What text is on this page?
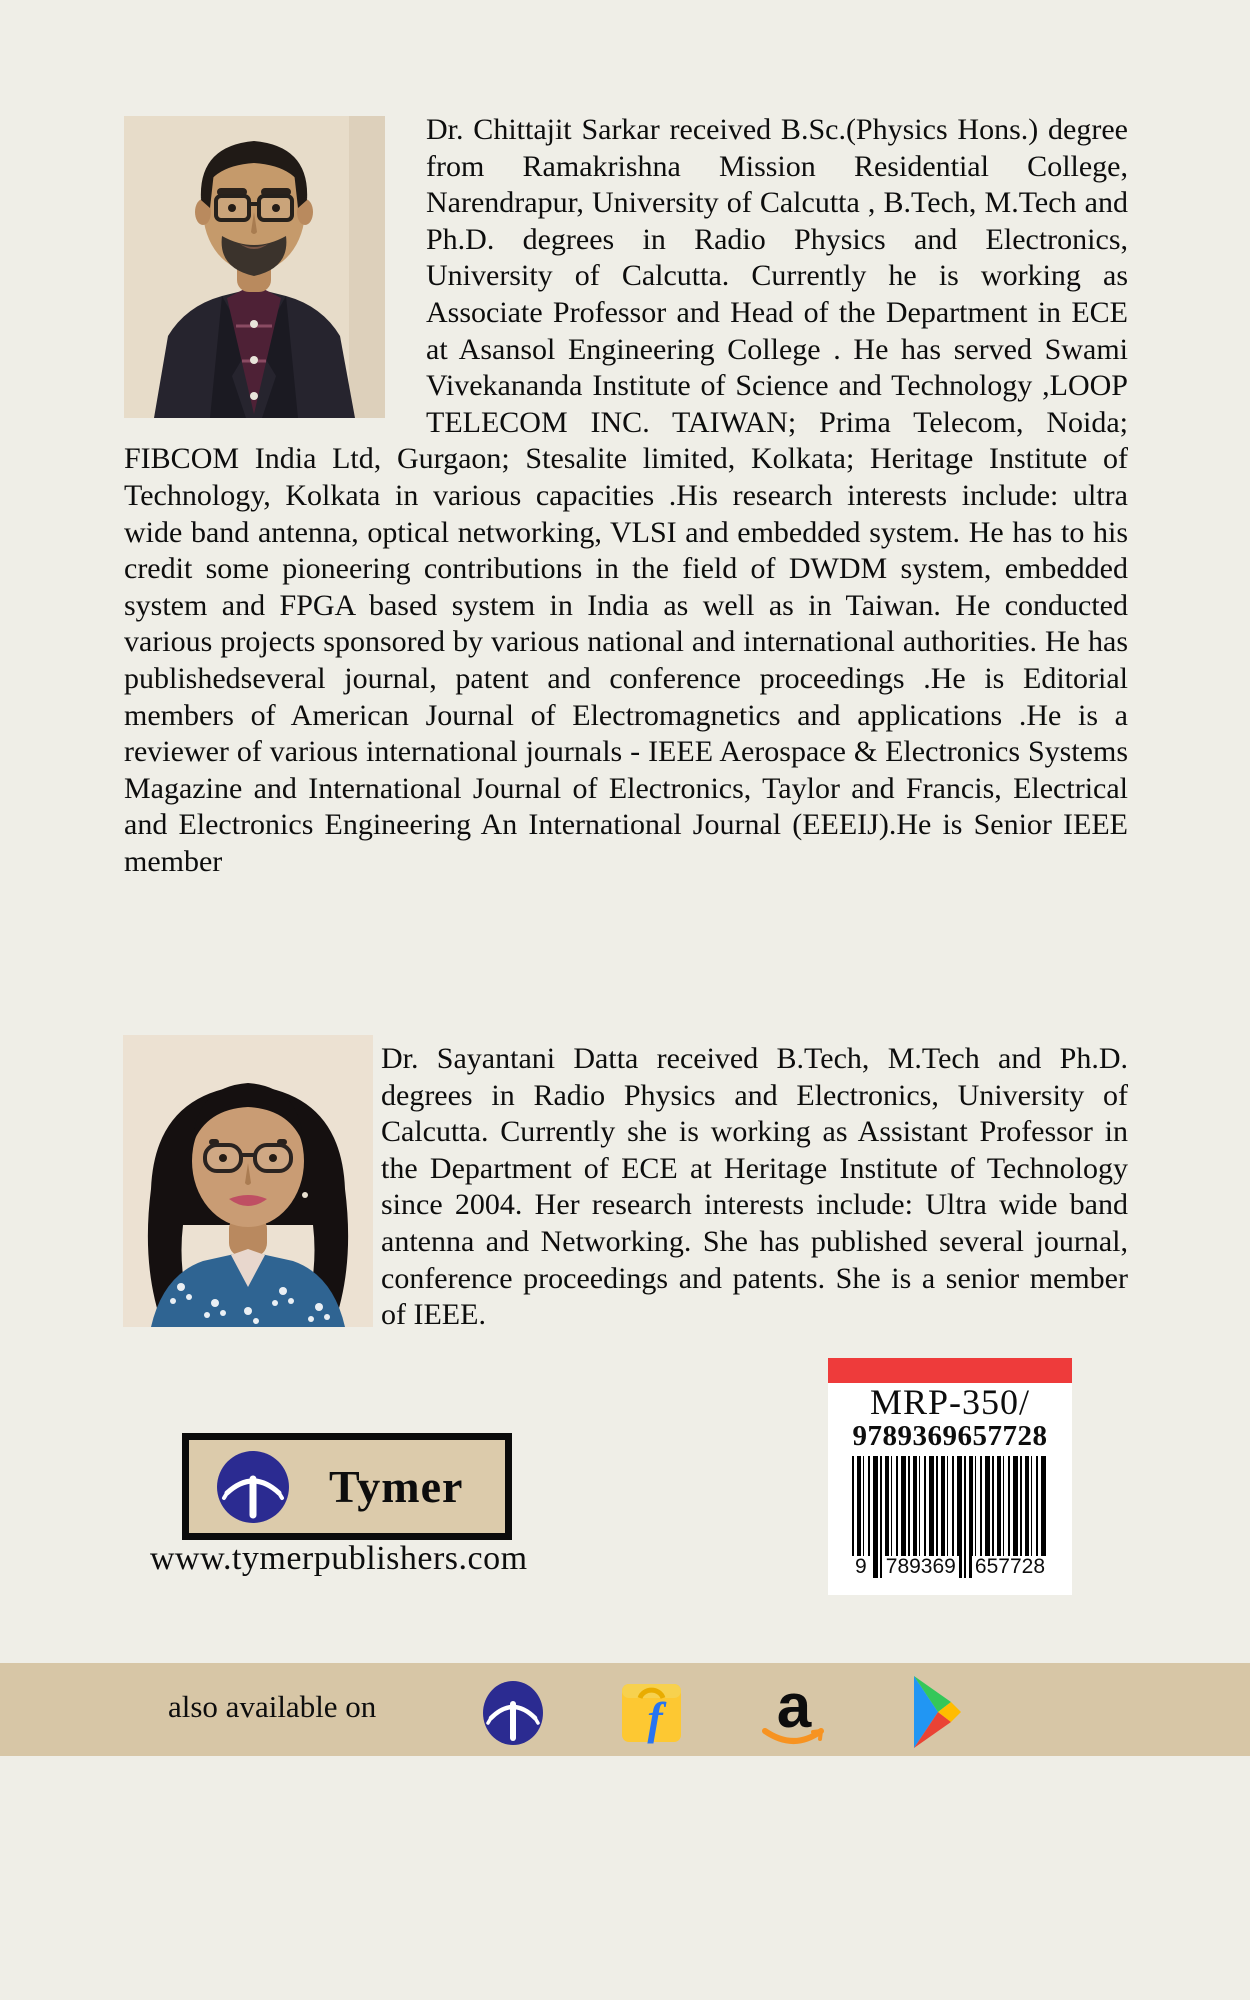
Dr. Chittajit Sarkar received B.Sc.(Physics Hons.) degree from Ramakrishna Mission Residential College, Narendrapur, University of Calcutta , B.Tech, M.Tech and Ph.D. degrees in Radio Physics and Electronics, University of Calcutta. Currently he is working as Associate Professor and Head of the Department in ECE at Asansol Engineering College . He has served Swami Vivekananda Institute of Science and Technology ,LOOP TELECOM INC. TAIWAN; Prima Telecom, Noida; FIBCOM India Ltd, Gurgaon; Stesalite limited, Kolkata; Heritage Institute of Technology, Kolkata in various capacities .His research interests include: ultra wide band antenna, optical networking, VLSI and embedded system. He has to his credit some pioneering contributions in the field of DWDM system, embedded system and FPGA based system in India as well as in Taiwan. He conducted various projects sponsored by various national and international authorities. He has publishedseveral journal, patent and conference proceedings .He is Editorial members of American Journal of Electromagnetics and applications .He is a reviewer of various international journals - IEEE Aerospace & Electronics Systems Magazine and International Journal of Electronics, Taylor and Francis, Electrical and Electronics Engineering An International Journal (EEEIJ).He is Senior IEEE member

Dr. Sayantani Datta received B.Tech, M.Tech and Ph.D. degrees in Radio Physics and Electronics, University of Calcutta. Currently she is working as Assistant Professor in the Department of ECE at Heritage Institute of Technology since 2004. Her research interests include: Ultra wide band antenna and Networking. She has published several journal, conference proceedings and patents. She is a senior member of IEEE.

MRP-350/
9789369657728
9 789369 657728
Tymer
www.tymerpublishers.com
also available on	f a
